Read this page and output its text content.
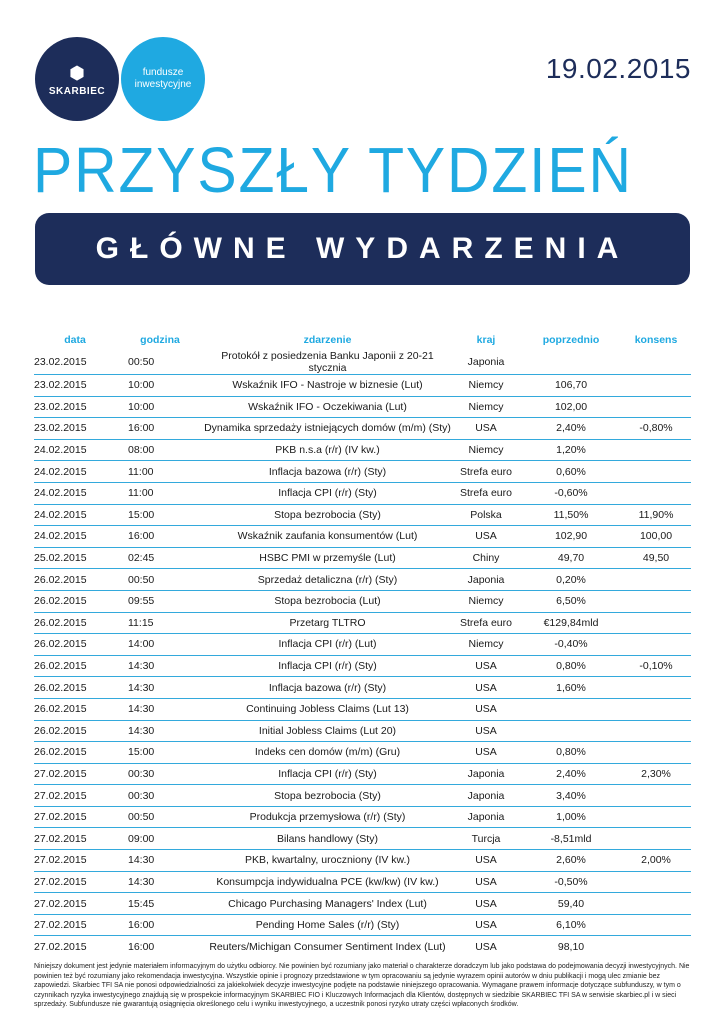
⬢
SKARBIEC
fundusze
inwestycyjne
19.02.2015
PRZYSZŁY TYDZIEŃ
GŁÓWNE WYDARZENIA
data	godzina	zdarzenie	kraj	poprzednio	konsens
23.02.2015	00:50	Protokół z posiedzenia Banku Japonii z 20-21 stycznia	Japonia		
23.02.2015	10:00	Wskaźnik IFO - Nastroje w biznesie (Lut)	Niemcy	106,70	
23.02.2015	10:00	Wskaźnik IFO - Oczekiwania (Lut)	Niemcy	102,00	
23.02.2015	16:00	Dynamika sprzedaży istniejących domów (m/m) (Sty)	USA	2,40%	-0,80%
24.02.2015	08:00	PKB n.s.a (r/r) (IV kw.)	Niemcy	1,20%	
24.02.2015	11:00	Inflacja bazowa (r/r) (Sty)	Strefa euro	0,60%	
24.02.2015	11:00	Inflacja CPI (r/r) (Sty)	Strefa euro	-0,60%	
24.02.2015	15:00	Stopa bezrobocia (Sty)	Polska	11,50%	11,90%
24.02.2015	16:00	Wskaźnik zaufania konsumentów (Lut)	USA	102,90	100,00
25.02.2015	02:45	HSBC PMI w przemyśle (Lut)	Chiny	49,70	49,50
26.02.2015	00:50	Sprzedaż detaliczna (r/r) (Sty)	Japonia	0,20%	
26.02.2015	09:55	Stopa bezrobocia (Lut)	Niemcy	6,50%	
26.02.2015	11:15	Przetarg TLTRO	Strefa euro	€129,84mld	
26.02.2015	14:00	Inflacja CPI (r/r) (Lut)	Niemcy	-0,40%	
26.02.2015	14:30	Inflacja CPI (r/r) (Sty)	USA	0,80%	-0,10%
26.02.2015	14:30	Inflacja bazowa (r/r) (Sty)	USA	1,60%	
26.02.2015	14:30	Continuing Jobless Claims (Lut 13)	USA		
26.02.2015	14:30	Initial Jobless Claims (Lut 20)	USA		
26.02.2015	15:00	Indeks cen domów (m/m) (Gru)	USA	0,80%	
27.02.2015	00:30	Inflacja CPI (r/r) (Sty)	Japonia	2,40%	2,30%
27.02.2015	00:30	Stopa bezrobocia (Sty)	Japonia	3,40%	
27.02.2015	00:50	Produkcja przemysłowa (r/r) (Sty)	Japonia	1,00%	
27.02.2015	09:00	Bilans handlowy (Sty)	Turcja	-8,51mld	
27.02.2015	14:30	PKB, kwartalny, uroczniony (IV kw.)	USA	2,60%	2,00%
27.02.2015	14:30	Konsumpcja indywidualna PCE (kw/kw) (IV kw.)	USA	-0,50%	
27.02.2015	15:45	Chicago Purchasing Managers' Index (Lut)	USA	59,40	
27.02.2015	16:00	Pending Home Sales (r/r) (Sty)	USA	6,10%	
27.02.2015	16:00	Reuters/Michigan Consumer Sentiment Index (Lut)	USA	98,10	
Niniejszy dokument jest jedynie materiałem informacyjnym do użytku odbiorcy. Nie powinien być rozumiany jako materiał o charakterze doradczym lub jako podstawa do podejmowania decyzji inwestycyjnych. Nie powinien też być rozumiany jako rekomendacja inwestycyjna. Wszystkie opinie i prognozy przedstawione w tym opracowaniu są jedynie wyrazem opinii autorów w dniu publikacji i mogą ulec zmianie bez zapowiedzi. Skarbiec TFI SA nie ponosi odpowiedzialności za jakiekolwiek decyzje inwestycyjne podjęte na podstawie niniejszego opracowania. Wymagane prawem informacje dotyczące subfunduszy, w tym o czynnikach ryzyka inwestycyjnego znajdują się w prospekcie informacyjnym SKARBIEC FIO i Kluczowych Informacjach dla Klientów, dostępnych w siedzibie SKARBIEC TFI SA w serwisie skarbiec.pl i w sieci sprzedaży. Subfundusze nie gwarantują osiągnięcia określonego celu i wyniku inwestycyjnego, a uczestnik ponosi ryzyko utraty części wpłaconych środków.
